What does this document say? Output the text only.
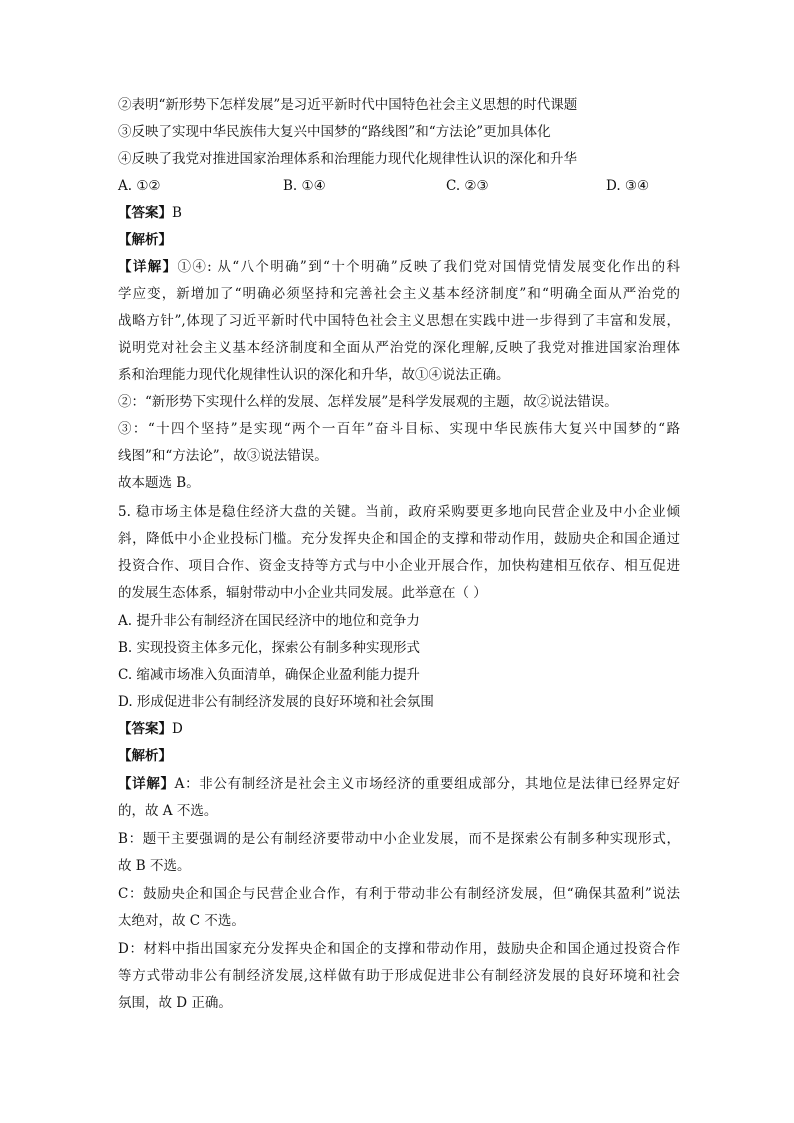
②表明“新形势下怎样发展”是习近平新时代中国特色社会主义思想的时代课题
③反映了实现中华民族伟大复兴中国梦的“路线图”和“方法论”更加具体化
④反映了我党对推进国家治理体系和治理能力现代化规律性认识的深化和升华
A. ①②	B. ①④	C. ②③	D. ③④
【答案】B
【解析】
【详解】①④: 从“八个明确”到“十个明确”反映了我们党对国情党情发展变化作出的科
学应变，新增加了“明确必须坚持和完善社会主义基本经济制度”和“明确全面从严治党的
战略方针”,体现了习近平新时代中国特色社会主义思想在实践中进一步得到了丰富和发展，
说明党对社会主义基本经济制度和全面从严治党的深化理解,反映了我党对推进国家治理体
系和治理能力现代化规律性认识的深化和升华，故①④说法正确。
②：“新形势下实现什么样的发展、怎样发展”是科学发展观的主题，故②说法错误。
③：“十四个坚持”是实现“两个一百年”奋斗目标、实现中华民族伟大复兴中国梦的“路
线图”和“方法论”，故③说法错误。
故本题选 B。
5. 稳市场主体是稳住经济大盘的关键。当前，政府采购要更多地向民营企业及中小企业倾
斜，降低中小企业投标门槛。充分发挥央企和国企的支撑和带动作用，鼓励央企和国企通过
投资合作、项目合作、资金支持等方式与中小企业开展合作，加快构建相互依存、相互促进
的发展生态体系，辐射带动中小企业共同发展。此举意在（ ）
A. 提升非公有制经济在国民经济中的地位和竞争力
B. 实现投资主体多元化，探索公有制多种实现形式
C. 缩减市场准入负面清单，确保企业盈利能力提升
D. 形成促进非公有制经济发展的良好环境和社会氛围
【答案】D
【解析】
【详解】A：非公有制经济是社会主义市场经济的重要组成部分，其地位是法律已经界定好
的，故 A 不选。
B：题干主要强调的是公有制经济要带动中小企业发展，而不是探索公有制多种实现形式，
故 B 不选。
C：鼓励央企和国企与民营企业合作，有利于带动非公有制经济发展，但“确保其盈利”说法
太绝对，故 C 不选。
D：材料中指出国家充分发挥央企和国企的支撑和带动作用，鼓励央企和国企通过投资合作
等方式带动非公有制经济发展,这样做有助于形成促进非公有制经济发展的良好环境和社会
氛围，故 D 正确。
